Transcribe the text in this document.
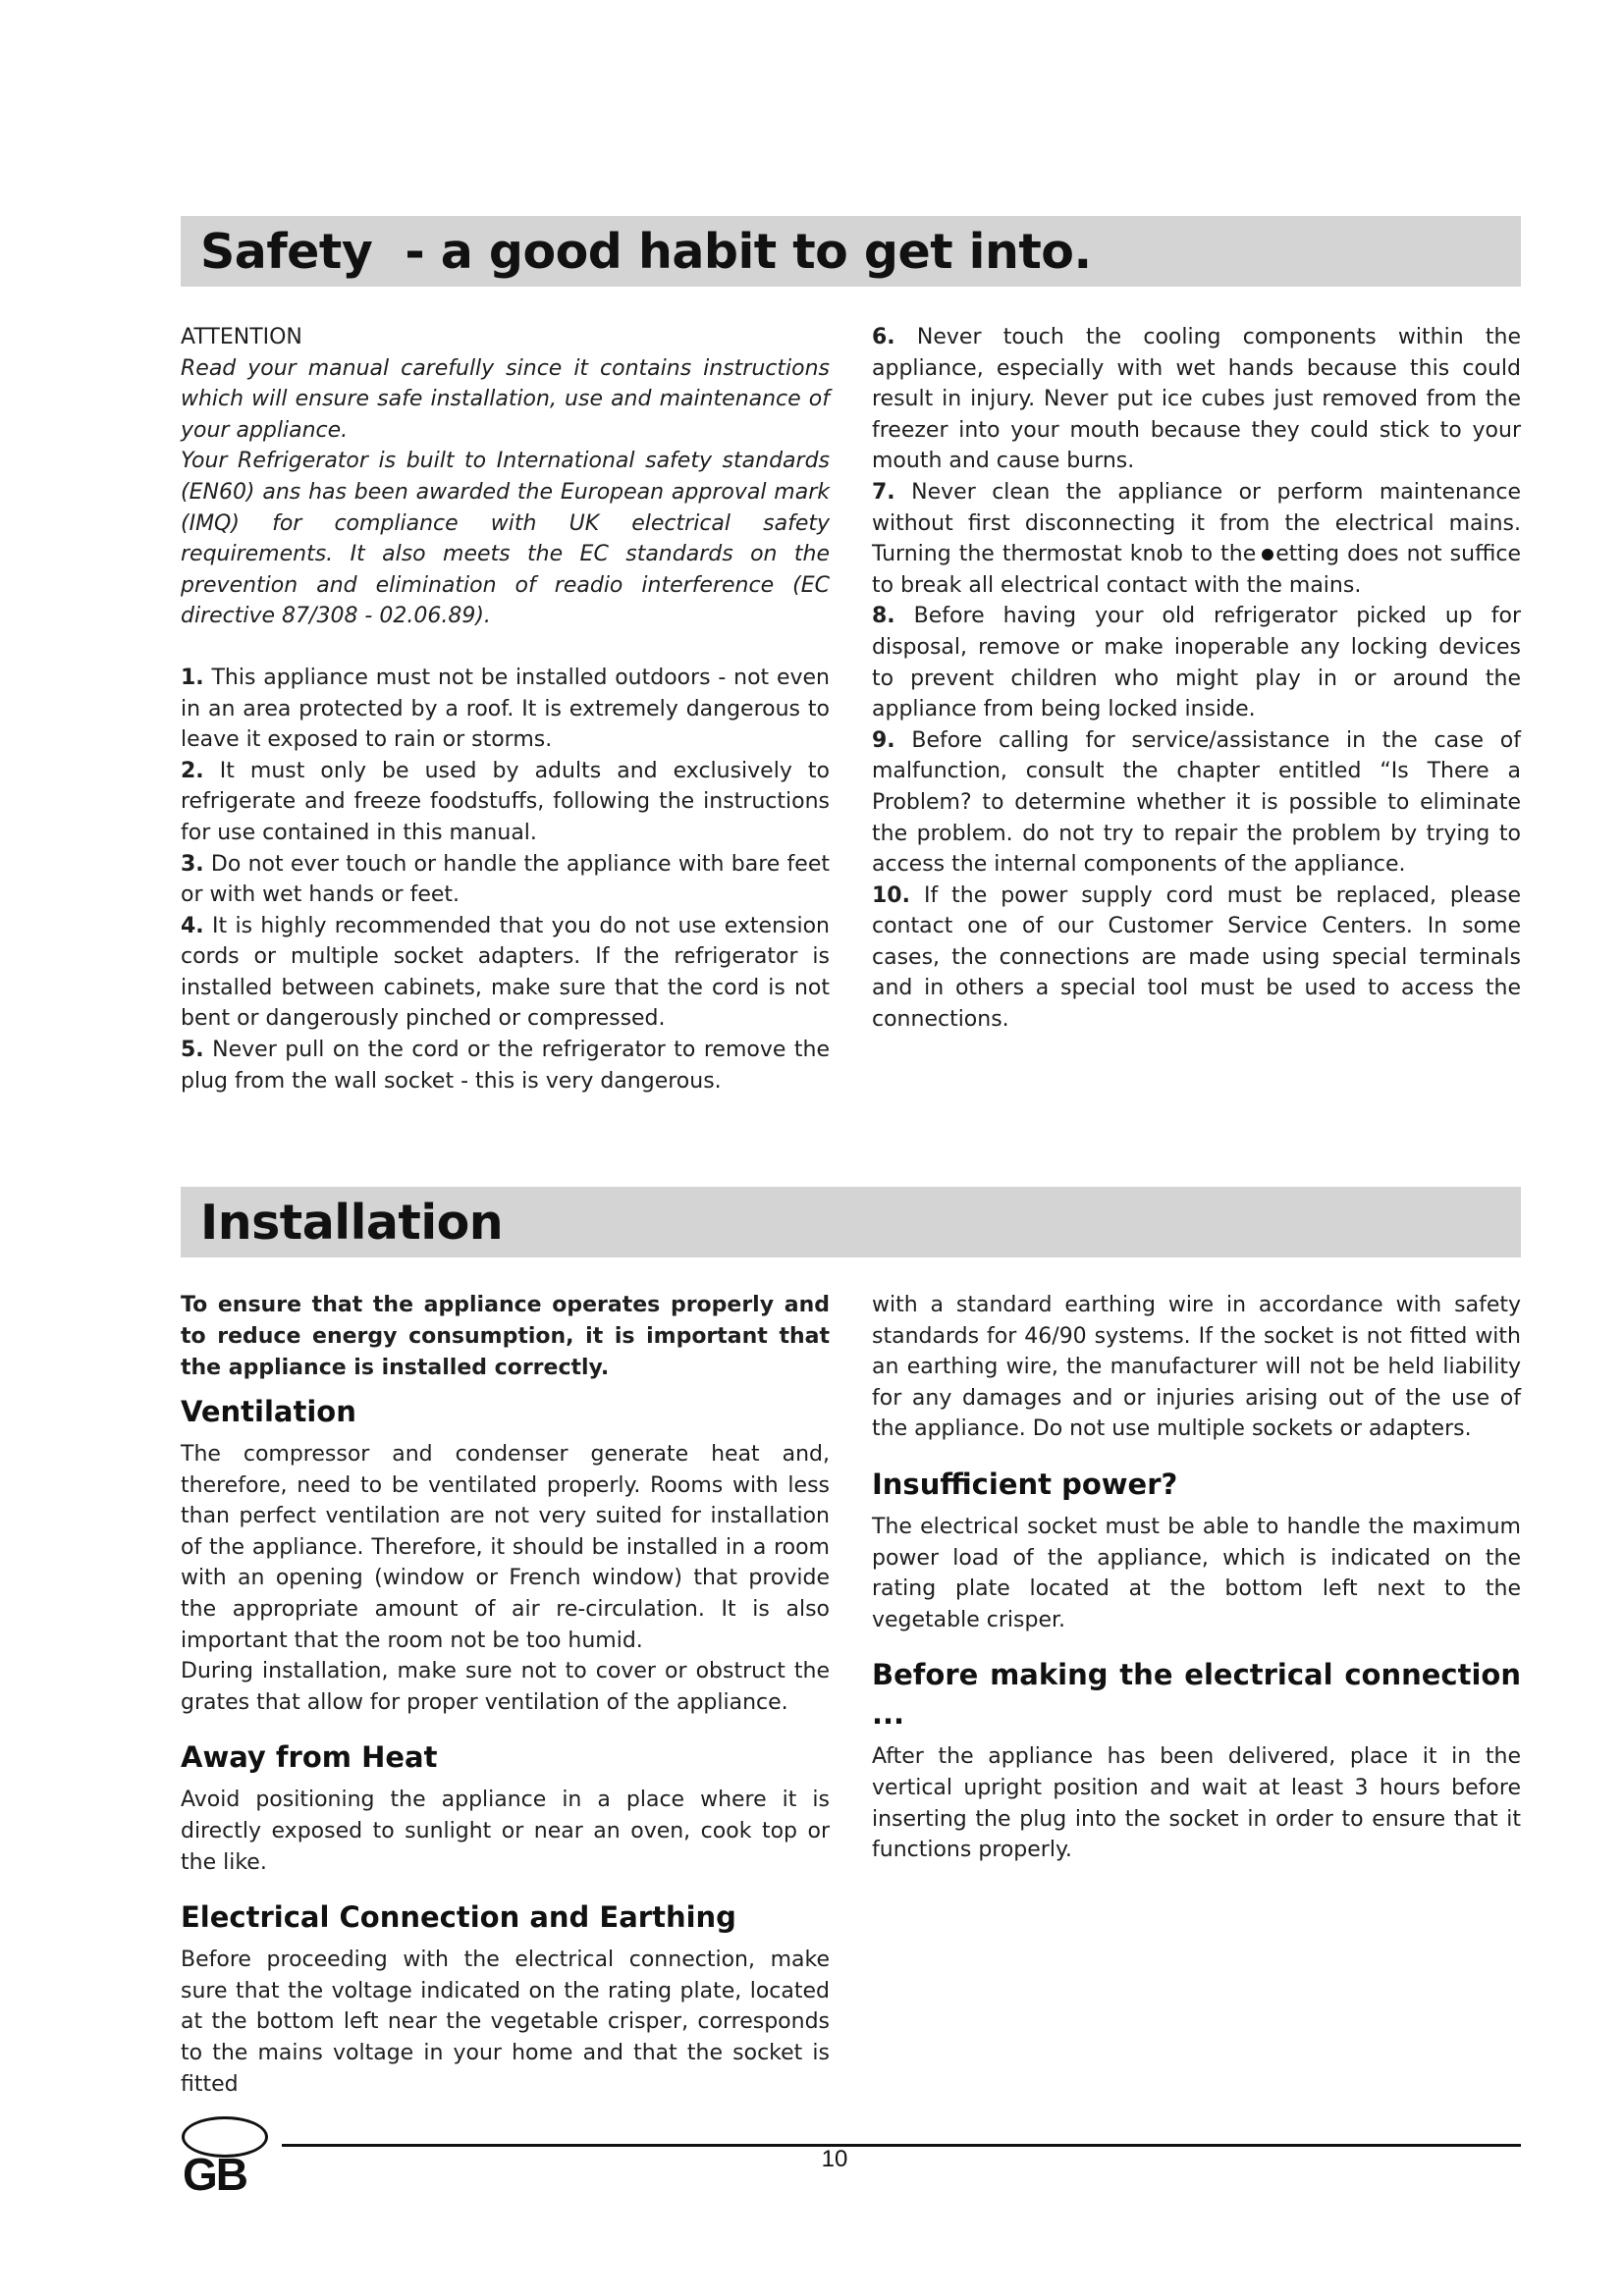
Safety  - a good habit to get into.

ATTENTION

Read your manual carefully since it contains instructions which will ensure safe installation, use and maintenance of your appliance.

Your Refrigerator is built to International safety standards (EN60) ans has been awarded the European approval mark (IMQ) for compliance with UK electrical safety requirements. It also meets the EC standards on the prevention and elimination of readio interference (EC directive 87/308 - 02.06.89).

1. This appliance must not be installed outdoors - not even in an area protected by a roof. It is extremely dangerous to leave it exposed to rain or storms.

2. It must only be used by adults and exclusively to refrigerate and freeze foodstuffs, following the instructions for use contained in this manual.

3. Do not ever touch or handle the appliance with bare feet or with wet hands or feet.

4. It is highly recommended that you do not use extension cords or multiple socket adapters. If the refrigerator is installed between cabinets, make sure that the cord is not bent or dangerously pinched or compressed.

5. Never pull on the cord or the refrigerator to remove the plug from the wall socket - this is very dangerous.

6. Never touch the cooling components within the appliance, especially with wet hands because this could result in injury. Never put ice cubes just removed from the freezer into your mouth because they could stick to your mouth and cause burns.

7. Never clean the appliance or perform maintenance without first disconnecting it from the electrical mains. Turning the thermostat knob to the etting does not suffice to break all electrical contact with the mains.

8. Before having your old refrigerator picked up for disposal, remove or make inoperable any locking devices to prevent children who might play in or around the appliance from being locked inside.

9. Before calling for service/assistance in the case of malfunction, consult the chapter entitled “Is There a Problem? to determine whether it is possible to eliminate the problem. do not try to repair the problem by trying to access the internal components of the appliance.

10. If the power supply cord must be replaced, please contact one of our Customer Service Centers. In some cases, the connections are made using special terminals and in others a special tool must be used to access the connections.

Installation

To ensure that the appliance operates properly and to reduce energy consumption, it is important that the appliance is installed correctly.

Ventilation

The compressor and condenser generate heat and, therefore, need to be ventilated properly. Rooms with less than perfect ventilation are not very suited for installation of the appliance. Therefore, it should be installed in a room with an opening (window or French window) that provide the appropriate amount of air re-circulation. It is also important that the room not be too humid.

During installation, make sure not to cover or obstruct the grates that allow for proper ventilation of the appliance.

Away from Heat

Avoid positioning the appliance in a place where it is directly exposed to sunlight or near an oven, cook top or the like.

Electrical Connection and Earthing

Before proceeding with the electrical connection, make sure that the voltage indicated on the rating plate, located at the bottom left near the vegetable crisper, corresponds to the mains voltage in your home and that the socket is fitted

with a standard earthing wire in accordance with safety standards for 46/90 systems. If the socket is not fitted with an earthing wire, the manufacturer will not be held liability for any damages and or injuries arising out of the use of the appliance. Do not use multiple sockets or adapters.

Insufficient power?

The electrical socket must be able to handle the maximum power load of the appliance, which is indicated on the rating plate located at the bottom left next to the vegetable crisper.

Before making the electrical connection ...

After the appliance has been delivered, place it in the vertical upright position and wait at least 3 hours before inserting the plug into the socket in order to ensure that it functions properly.

GB	10
